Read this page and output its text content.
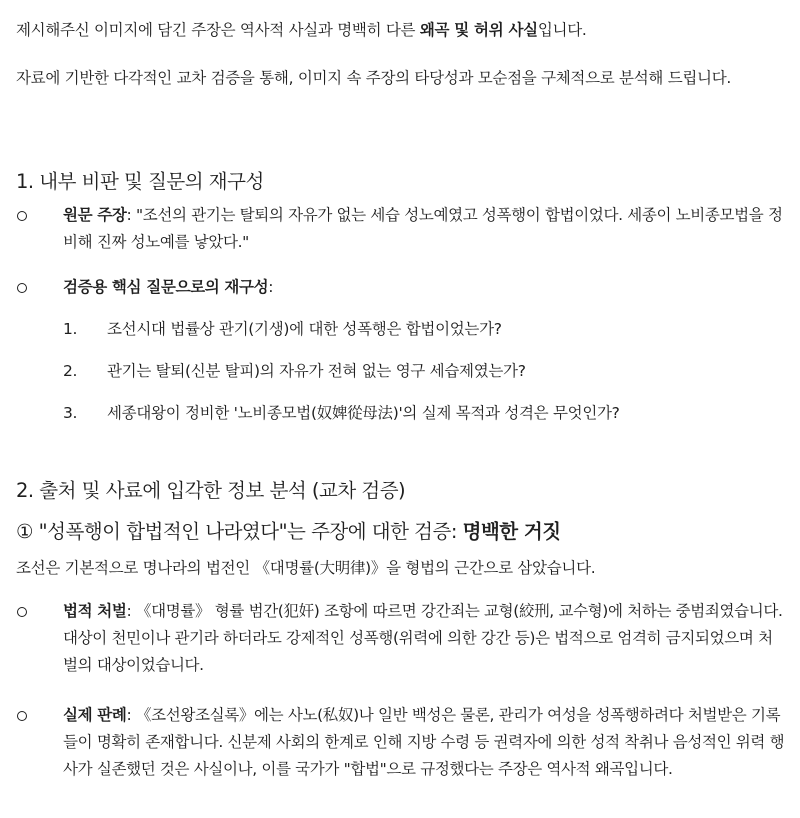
제시해주신 이미지에 담긴 주장은 역사적 사실과 명백히 다른 왜곡 및 허위 사실입니다.

자료에 기반한 다각적인 교차 검증을 통해, 이미지 속 주장의 타당성과 모순점을 구체적으로 분석해 드립니다.

1. 내부 비판 및 질문의 재구성
원문 주장: "조선의 관기는 탈퇴의 자유가 없는 세습 성노예였고 성폭행이 합법이었다. 세종이 노비종모법을 정비해 진짜 성노예를 낳았다."
검증용 핵심 질문으로의 재구성:
1. 조선시대 법률상 관기(기생)에 대한 성폭행은 합법이었는가?
2. 관기는 탈퇴(신분 탈피)의 자유가 전혀 없는 영구 세습제였는가?
3. 세종대왕이 정비한 '노비종모법(奴婢從母法)'의 실제 목적과 성격은 무엇인가?
2. 출처 및 사료에 입각한 정보 분석 (교차 검증)
① "성폭행이 합법적인 나라였다"는 주장에 대한 검증: 명백한 거짓

조선은 기본적으로 명나라의 법전인 《대명률(大明律)》을 형법의 근간으로 삼았습니다.

법적 처벌: 《대명률》 형률 범간(犯奸) 조항에 따르면 강간죄는 교형(絞刑, 교수형)에 처하는 중범죄였습니다. 대상이 천민이나 관기라 하더라도 강제적인 성폭행(위력에 의한 강간 등)은 법적으로 엄격히 금지되었으며 처벌의 대상이었습니다.
실제 판례: 《조선왕조실록》에는 사노(私奴)나 일반 백성은 물론, 관리가 여성을 성폭행하려다 처벌받은 기록들이 명확히 존재합니다. 신분제 사회의 한계로 인해 지방 수령 등 권력자에 의한 성적 착취나 음성적인 위력 행사가 실존했던 것은 사실이나, 이를 국가가 "합법"으로 규정했다는 주장은 역사적 왜곡입니다.
